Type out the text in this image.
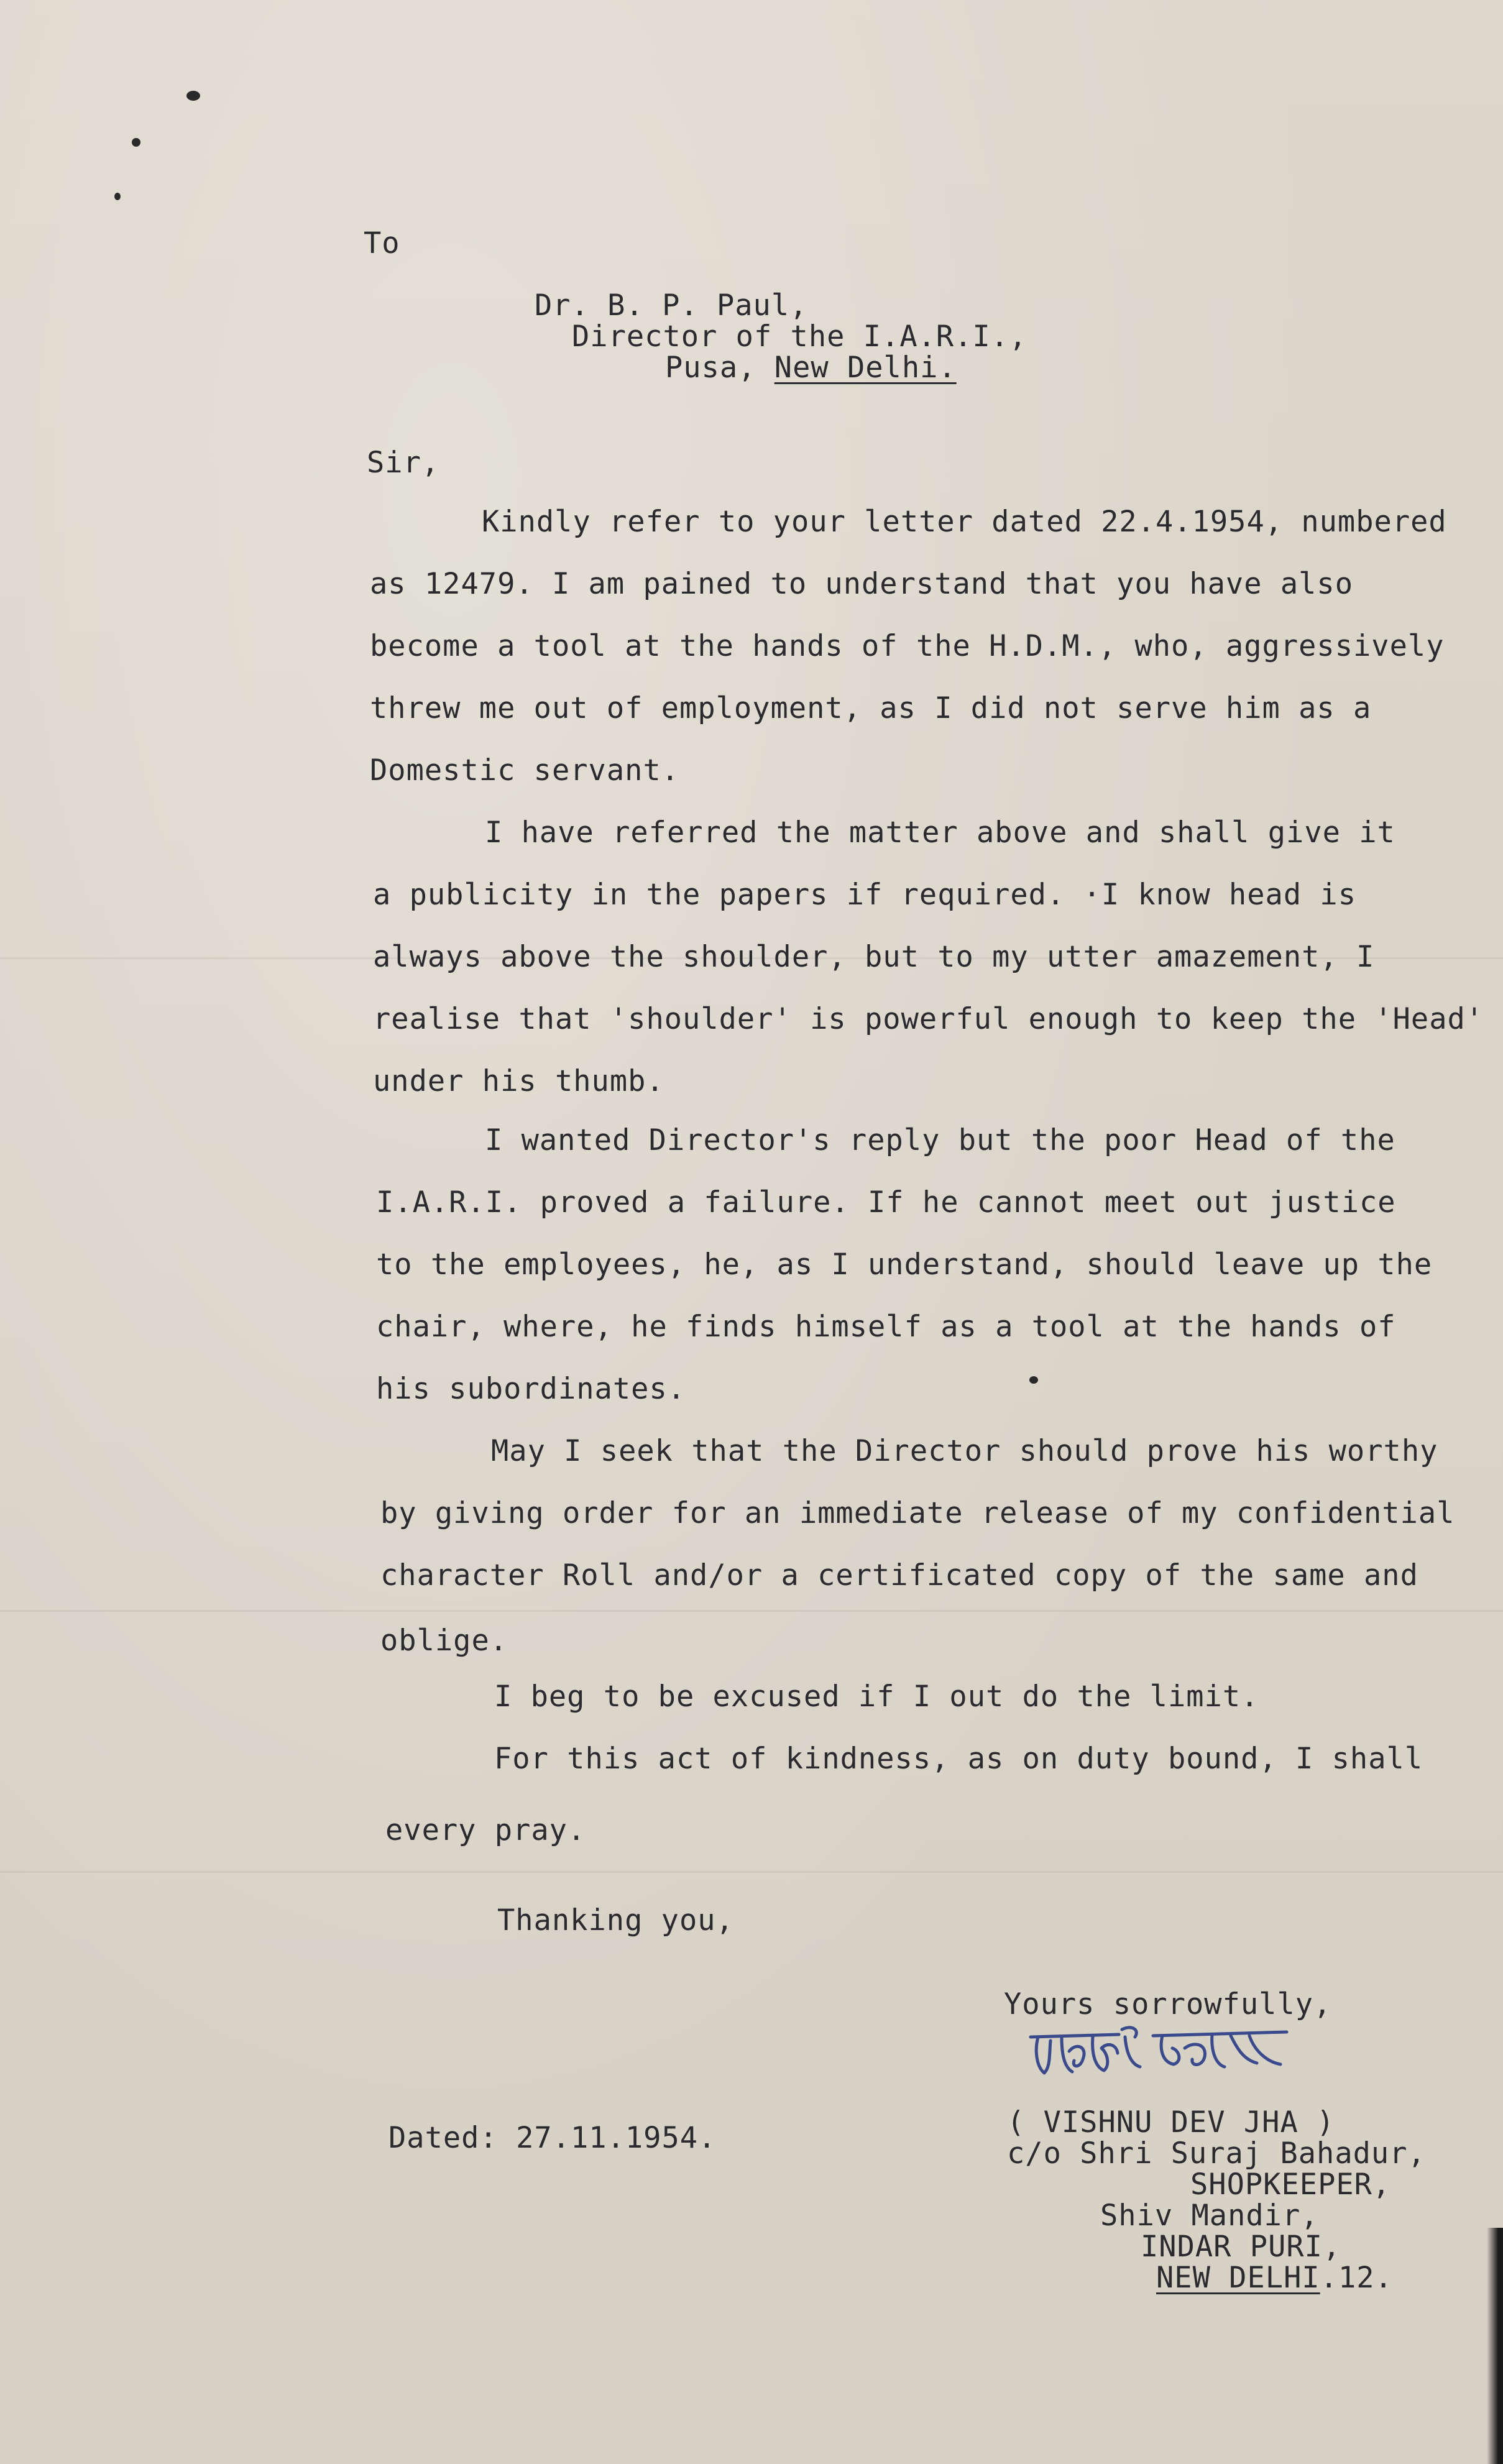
To
Dr. B. P. Paul,
Director of the I.A.R.I.,
Pusa, New Delhi.
Sir,
Kindly refer to your letter dated 22.4.1954, numbered
as 12479. I am pained to understand that you have also
become a tool at the hands of the H.D.M., who, aggressively
threw me out of employment, as I did not serve him as a
Domestic servant.
I have referred the matter above and shall give it
a publicity in the papers if required. ·I know head is
always above the shoulder, but to my utter amazement, I
realise that 'shoulder' is powerful enough to keep the 'Head'
under his thumb.
I wanted Director's reply but the poor Head of the
I.A.R.I. proved a failure. If he cannot meet out justice
to the employees, he, as I understand, should leave up the
chair, where, he finds himself as a tool at the hands of
his subordinates.
May I seek that the Director should prove his worthy
by giving order for an immediate release of my confidential
character Roll and/or a certificated copy of the same and
oblige.
I beg to be excused if I out do the limit.
For this act of kindness, as on duty bound, I shall
every pray.
Thanking you,
Yours sorrowfully,
Dated: 27.11.1954.	( VISHNU DEV JHA )
c/o Shri Suraj Bahadur,
SHOPKEEPER,
Shiv Mandir,
INDAR PURI,
NEW DELHI.12.
